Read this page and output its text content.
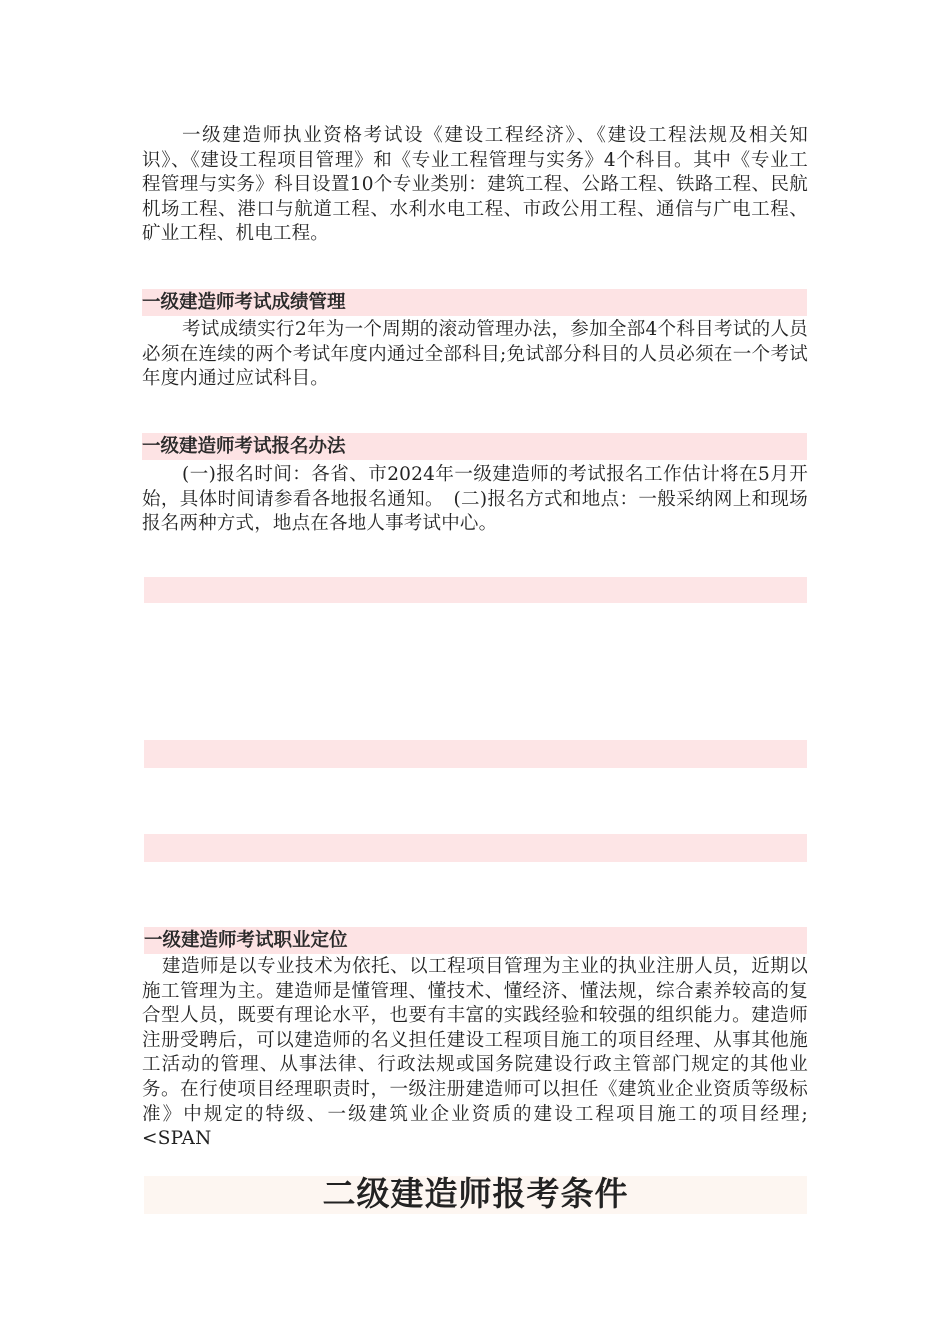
一级建造师执业资格考试设《建设工程经济》、《建设工程法规及相关知识》、《建设工程项目管理》和《专业工程管理与实务》4个科目。其中《专业工程管理与实务》科目设置10个专业类别：建筑工程、公路工程、铁路工程、民航机场工程、港口与航道工程、水利水电工程、市政公用工程、通信与广电工程、矿业工程、机电工程。

一级建造师考试成绩管理

考试成绩实行2年为一个周期的滚动管理办法，参加全部4个科目考试的人员必须在连续的两个考试年度内通过全部科目;免试部分科目的人员必须在一个考试年度内通过应试科目。

一级建造师考试报名办法

(一)报名时间：各省、市2024年一级建造师的考试报名工作估计将在5月开始，具体时间请参看各地报名通知。　(二)报名方式和地点：一般采纳网上和现场报名两种方式，地点在各地人事考试中心。

一级建造师考试职业定位

建造师是以专业技术为依托、以工程项目管理为主业的执业注册人员，近期以施工管理为主。建造师是懂管理、懂技术、懂经济、懂法规，综合素养较高的复合型人员，既要有理论水平，也要有丰富的实践经验和较强的组织能力。建造师注册受聘后，可以建造师的名义担任建设工程项目施工的项目经理、从事其他施工活动的管理、从事法律、行政法规或国务院建设行政主管部门规定的其他业务。在行使项目经理职责时，一级注册建造师可以担任《建筑业企业资质等级标准》中规定的特级、一级建筑业企业资质的建设工程项目施工的项目经理;<SPAN

二级建造师报考条件
